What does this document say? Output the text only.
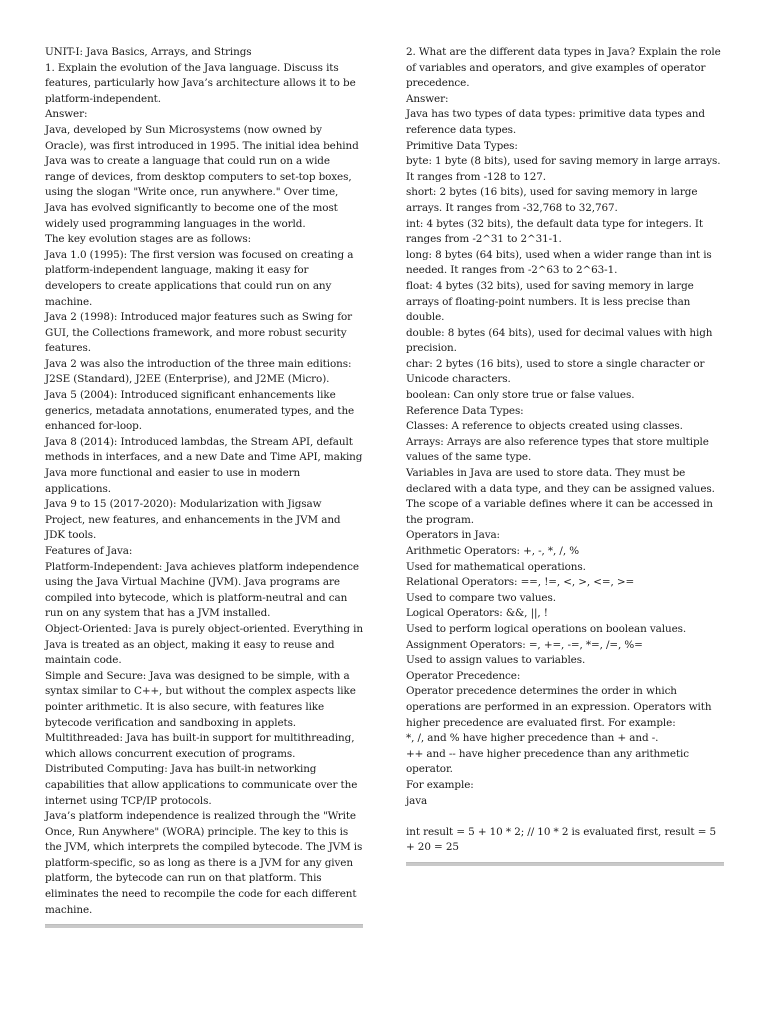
UNIT-I: Java Basics, Arrays, and Strings

1. Explain the evolution of the Java language. Discuss its features, particularly how Java’s architecture allows it to be platform-independent.

Answer:

Java, developed by Sun Microsystems (now owned by Oracle), was first introduced in 1995. The initial idea behind Java was to create a language that could run on a wide range of devices, from desktop computers to set-top boxes, using the slogan "Write once, run anywhere." Over time, Java has evolved significantly to become one of the most widely used programming languages in the world.

The key evolution stages are as follows:

Java 1.0 (1995): The first version was focused on creating a platform-independent language, making it easy for developers to create applications that could run on any machine.

Java 2 (1998): Introduced major features such as Swing for GUI, the Collections framework, and more robust security features.

Java 2 was also the introduction of the three main editions: J2SE (Standard), J2EE (Enterprise), and J2ME (Micro).

Java 5 (2004): Introduced significant enhancements like generics, metadata annotations, enumerated types, and the enhanced for-loop.

Java 8 (2014): Introduced lambdas, the Stream API, default methods in interfaces, and a new Date and Time API, making Java more functional and easier to use in modern applications.

Java 9 to 15 (2017-2020): Modularization with Jigsaw Project, new features, and enhancements in the JVM and JDK tools.

Features of Java:

Platform-Independent: Java achieves platform independence using the Java Virtual Machine (JVM). Java programs are compiled into bytecode, which is platform-neutral and can run on any system that has a JVM installed.

Object-Oriented: Java is purely object-oriented. Everything in Java is treated as an object, making it easy to reuse and maintain code.

Simple and Secure: Java was designed to be simple, with a syntax similar to C++, but without the complex aspects like pointer arithmetic. It is also secure, with features like bytecode verification and sandboxing in applets.

Multithreaded: Java has built-in support for multithreading, which allows concurrent execution of programs.

Distributed Computing: Java has built-in networking capabilities that allow applications to communicate over the internet using TCP/IP protocols.

Java’s platform independence is realized through the "Write Once, Run Anywhere" (WORA) principle. The key to this is the JVM, which interprets the compiled bytecode. The JVM is platform-specific, so as long as there is a JVM for any given platform, the bytecode can run on that platform. This eliminates the need to recompile the code for each different machine.

2. What are the different data types in Java? Explain the role of variables and operators, and give examples of operator precedence.

Answer:

Java has two types of data types: primitive data types and reference data types.

Primitive Data Types:

byte: 1 byte (8 bits), used for saving memory in large arrays. It ranges from -128 to 127.

short: 2 bytes (16 bits), used for saving memory in large arrays. It ranges from -32,768 to 32,767.

int: 4 bytes (32 bits), the default data type for integers. It ranges from -2^31 to 2^31-1.

long: 8 bytes (64 bits), used when a wider range than int is needed. It ranges from -2^63 to 2^63-1.

float: 4 bytes (32 bits), used for saving memory in large arrays of floating-point numbers. It is less precise than double.

double: 8 bytes (64 bits), used for decimal values with high precision.

char: 2 bytes (16 bits), used to store a single character or Unicode characters.

boolean: Can only store true or false values.

Reference Data Types:

Classes: A reference to objects created using classes.

Arrays: Arrays are also reference types that store multiple values of the same type.

Variables in Java are used to store data. They must be declared with a data type, and they can be assigned values. The scope of a variable defines where it can be accessed in the program.

Operators in Java:

Arithmetic Operators: +, -, *, /, %

Used for mathematical operations.

Relational Operators: ==, !=, <, >, <=, >=

Used to compare two values.

Logical Operators: &&, ||, !

Used to perform logical operations on boolean values.

Assignment Operators: =, +=, -=, *=, /=, %=

Used to assign values to variables.

Operator Precedence:

Operator precedence determines the order in which operations are performed in an expression. Operators with higher precedence are evaluated first. For example:

*, /, and % have higher precedence than + and -.

++ and -- have higher precedence than any arithmetic operator.

For example:

java

int result = 5 + 10 * 2; // 10 * 2 is evaluated first, result = 5 + 20 = 25
